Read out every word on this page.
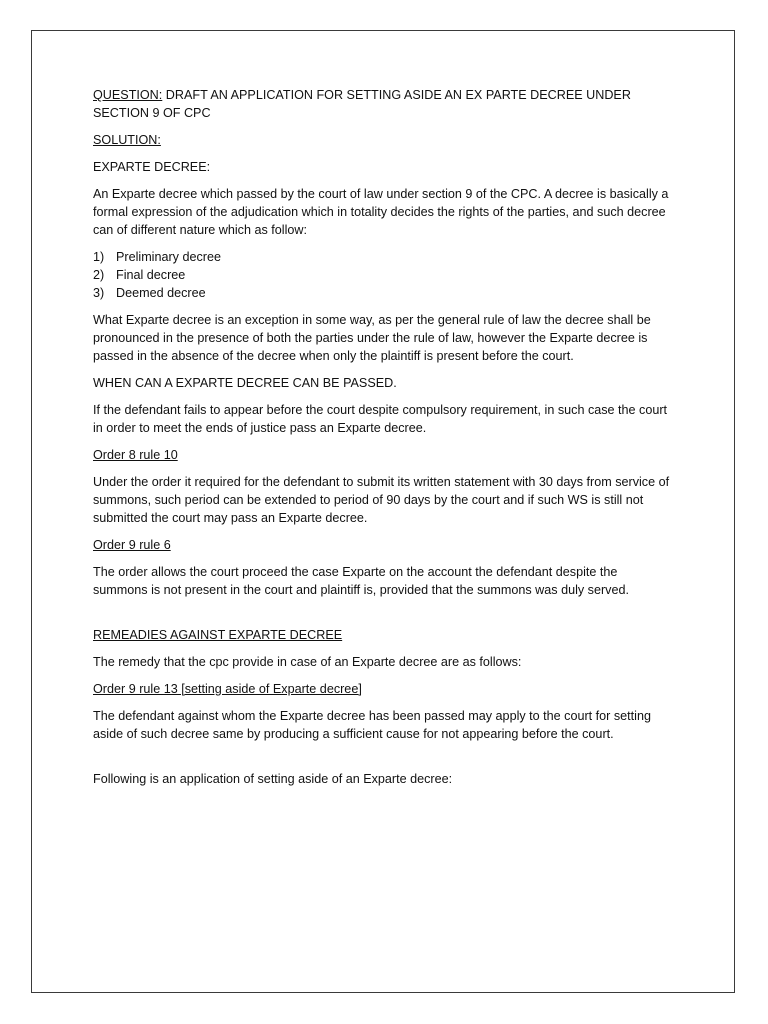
QUESTION: DRAFT AN APPLICATION FOR SETTING ASIDE AN EX PARTE DECREE UNDER SECTION 9 OF CPC

SOLUTION:

EXPARTE DECREE:

An Exparte decree which passed by the court of law under section 9 of the CPC. A decree is basically a formal expression of the adjudication which in totality decides the rights of the parties, and such decree can of different nature which as follow:

1) Preliminary decree
2) Final decree
3) Deemed decree

What Exparte decree is an exception in some way, as per the general rule of law the decree shall be pronounced in the presence of both the parties under the rule of law, however the Exparte decree is passed in the absence of the decree when only the plaintiff is present before the court.

WHEN CAN A EXPARTE DECREE CAN BE PASSED.

If the defendant fails to appear before the court despite compulsory requirement, in such case the court in order to meet the ends of justice pass an Exparte decree.

Order 8 rule 10

Under the order it required for the defendant to submit its written statement with 30 days from service of summons, such period can be extended to period of 90 days by the court and if such WS is still not submitted the court may pass an Exparte decree.

Order 9 rule 6

The order allows the court proceed the case Exparte on the account the defendant despite the summons is not present in the court and plaintiff is, provided that the summons was duly served.

REMEADIES AGAINST EXPARTE DECREE

The remedy that the cpc provide in case of an Exparte decree are as follows:

Order 9 rule 13 [setting aside of Exparte decree]

The defendant against whom the Exparte decree has been passed may apply to the court for setting aside of such decree same by producing a sufficient cause for not appearing before the court.

Following is an application of setting aside of an Exparte decree:
